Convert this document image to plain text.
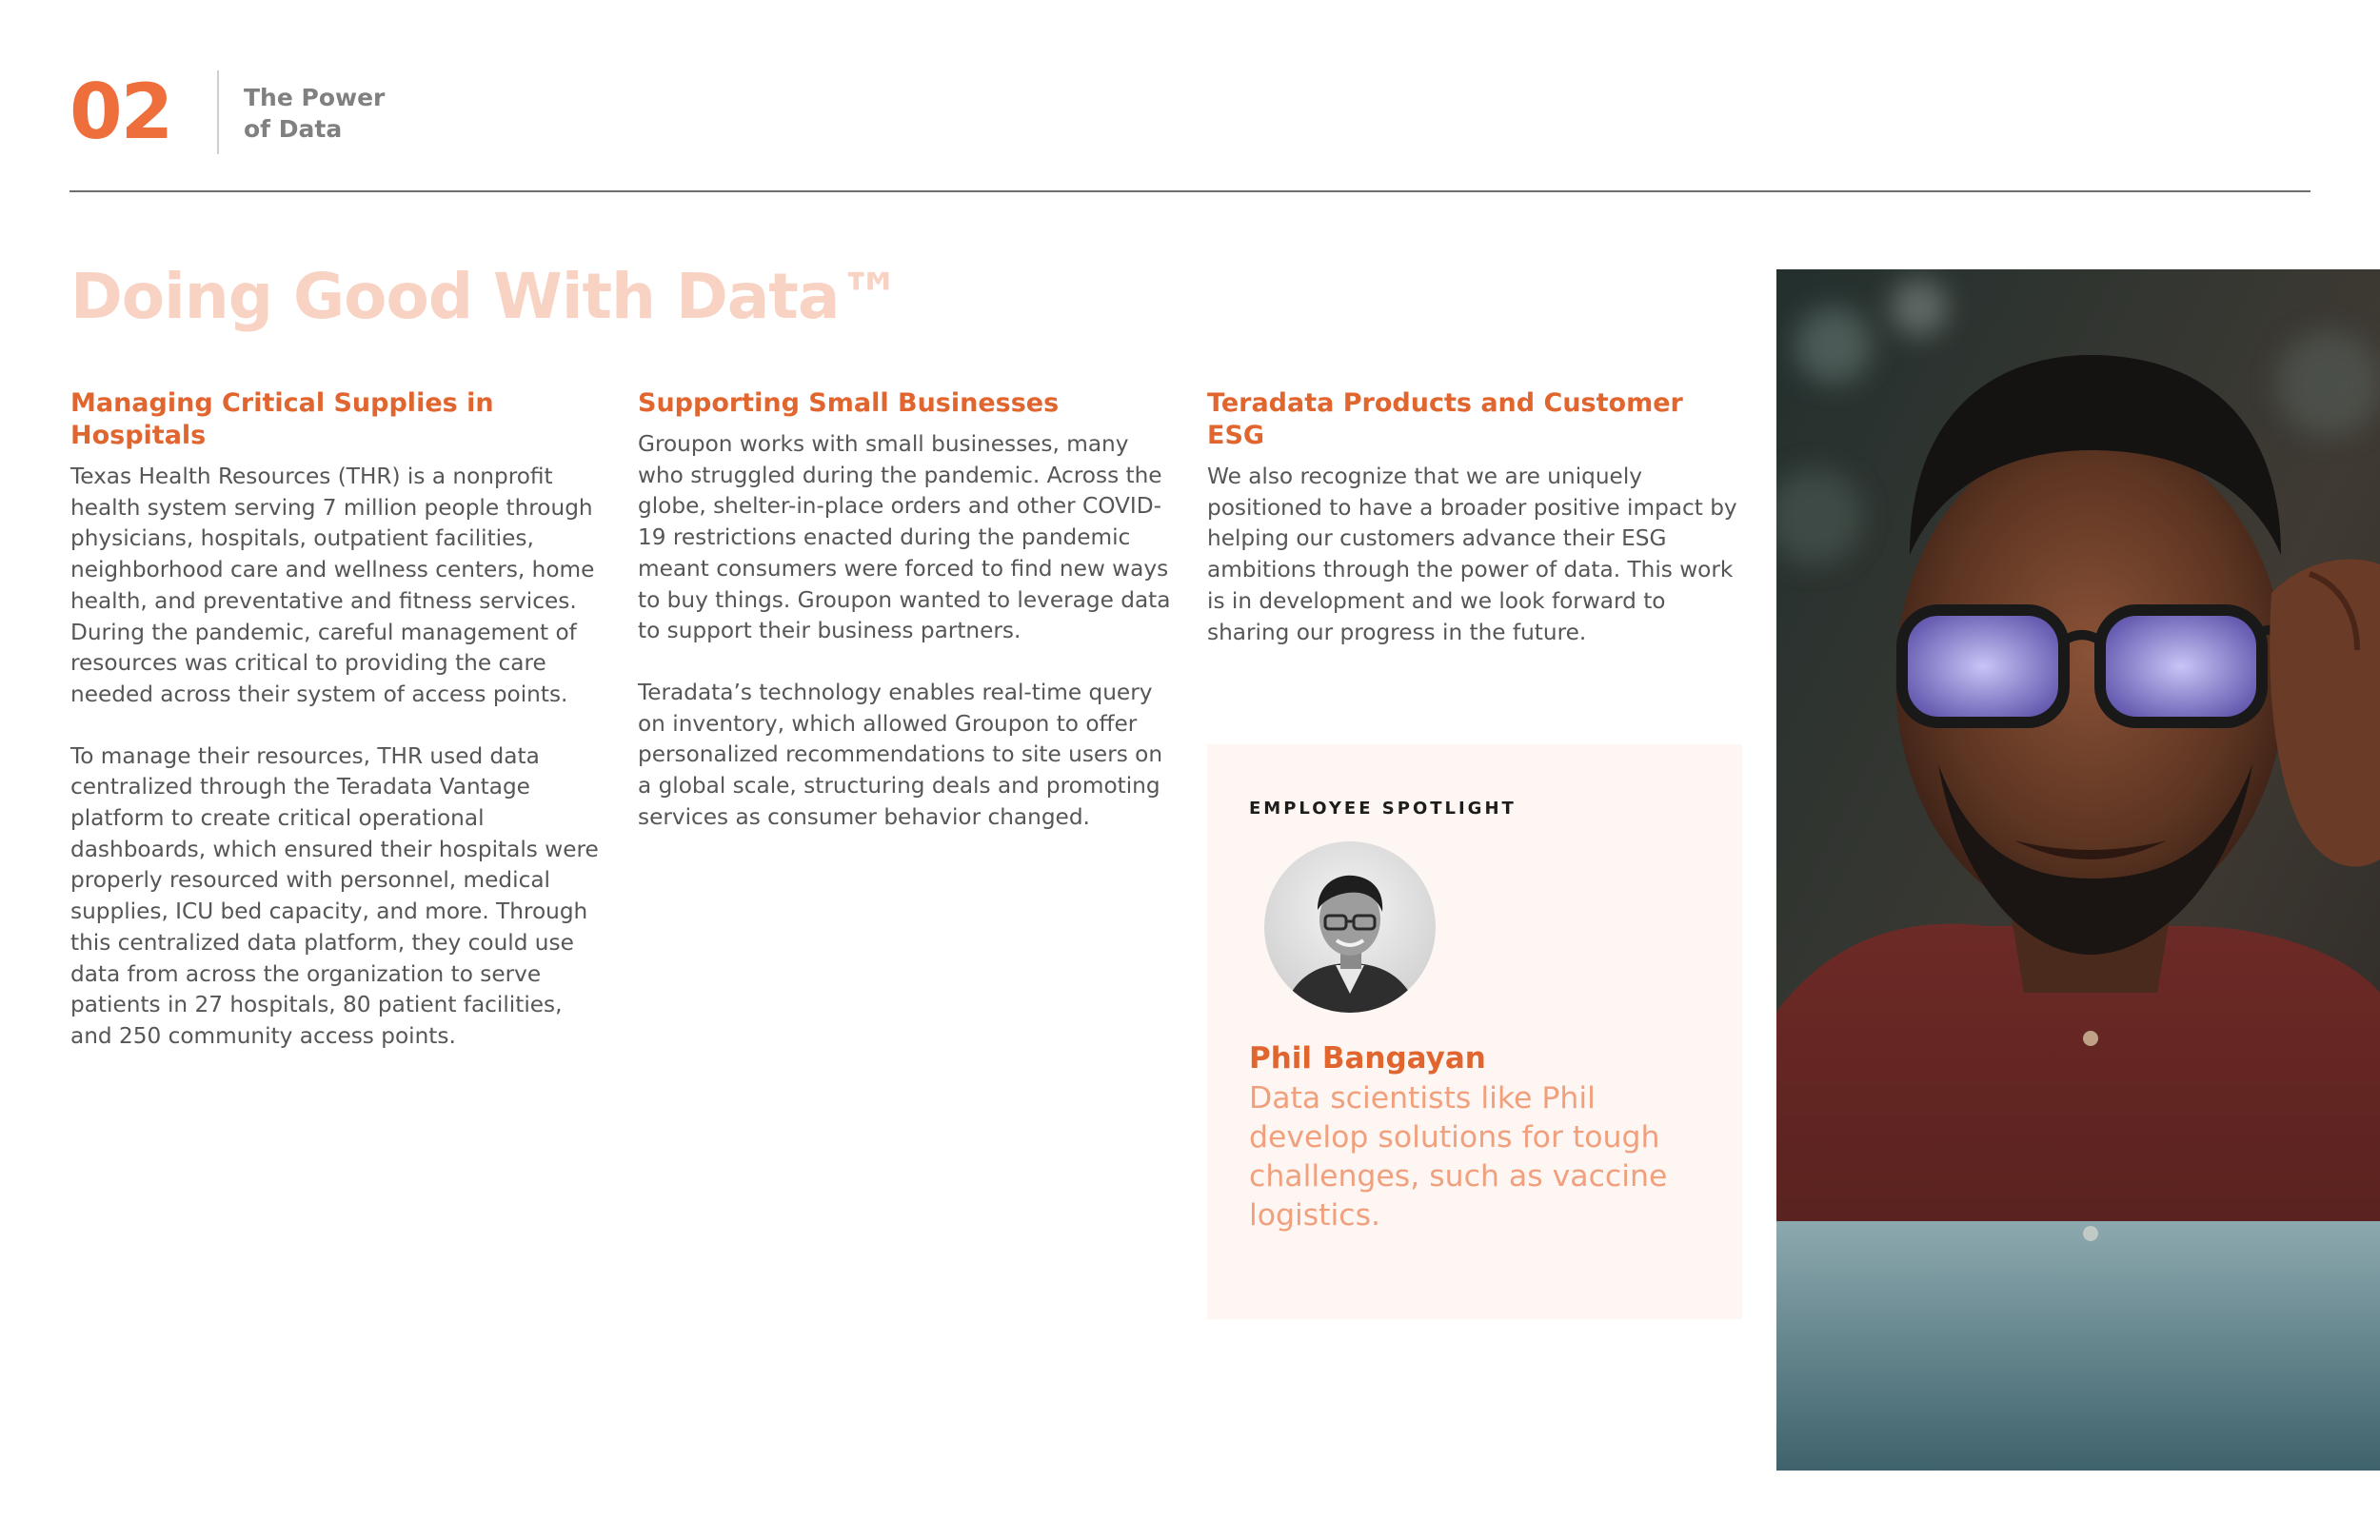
02	The Power
of Data
Doing Good With Data™
Managing Critical Supplies in Hospitals

Texas Health Resources (THR) is a nonprofit health system serving 7 million people through physicians, hospitals, outpatient facilities, neighborhood care and wellness centers, home health, and preventative and fitness services. During the pandemic, careful management of resources was critical to providing the care needed across their system of access points.

To manage their resources, THR used data centralized through the Teradata Vantage platform to create critical operational dashboards, which ensured their hospitals were properly resourced with personnel, medical supplies, ICU bed capacity, and more. Through this centralized data platform, they could use data from across the organization to serve patients in 27 hospitals, 80 patient facilities, and 250 community access points.

Supporting Small Businesses

Groupon works with small businesses, many who struggled during the pandemic. Across the globe, shelter-in-place orders and other COVID-19 restrictions enacted during the pandemic meant consumers were forced to find new ways to buy things. Groupon wanted to leverage data to support their business partners.

Teradata’s technology enables real-time query on inventory, which allowed Groupon to offer personalized recommendations to site users on a global scale, structuring deals and promoting services as consumer behavior changed.

Teradata Products and Customer ESG

We also recognize that we are uniquely positioned to have a broader positive impact by helping our customers advance their ESG ambitions through the power of data. This work is in development and we look forward to sharing our progress in the future.

EMPLOYEE SPOTLIGHT
Phil Bangayan

Data scientists like Phil develop solutions for tough challenges, such as vaccine logistics.
